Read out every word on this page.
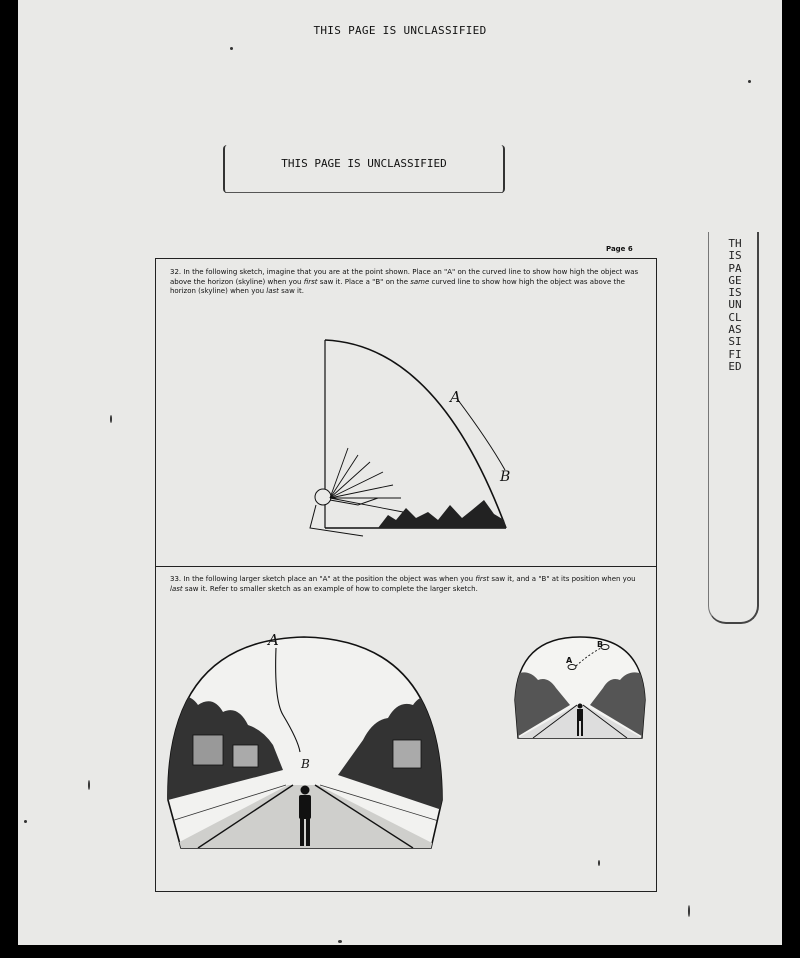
THIS PAGE IS UNCLASSIFIED
THIS PAGE IS UNCLASSIFIED
THIS PAGE IS UNCLASSIFIED
Page 6
32. In the following sketch, imagine that you are at the point shown. Place an "A" on the curved line to show how high the object was above the horizon (skyline) when you first saw it. Place a "B" on the same curved line to show how high the object was above the horizon (skyline) when you last saw it.
33. In the following larger sketch place an "A" at the position the object was when you first saw it, and a "B" at its position when you last saw it. Refer to smaller sketch as an example of how to complete the larger sketch.
A
B
A
B
A
B
